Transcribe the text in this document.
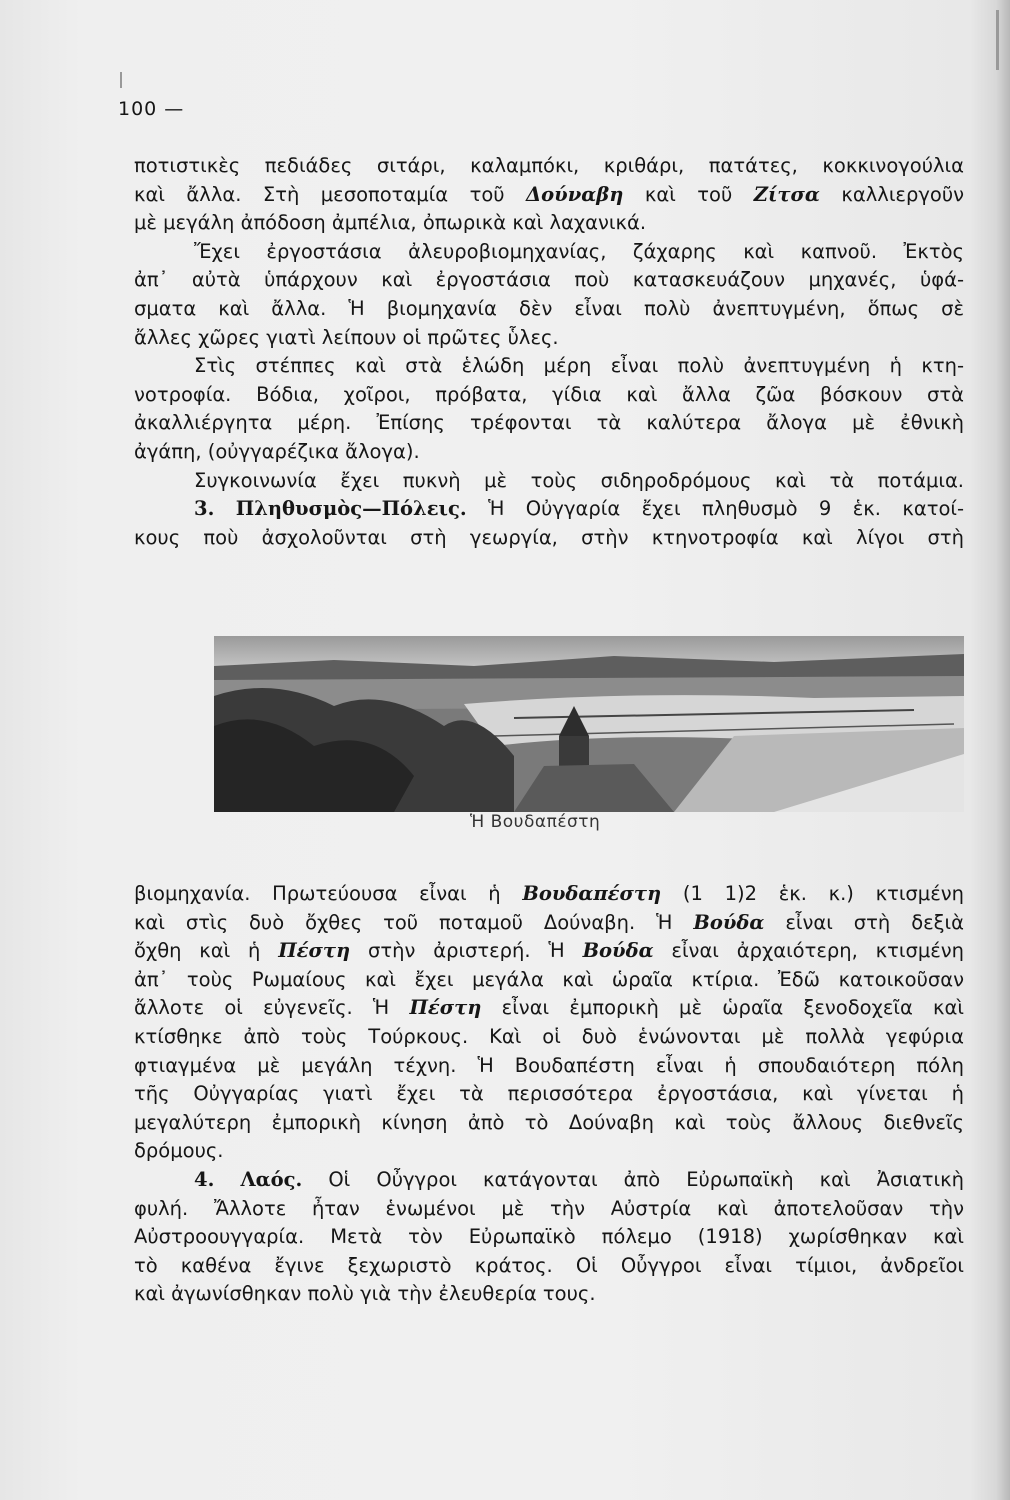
100 —
ποτιστικὲς πεδιάδες σιτάρι, καλαμπόκι, κριθάρι, πατάτες, κοκκινογούλια
καὶ ἄλλα. Στὴ μεσοποταμία τοῦ Δούναβη καὶ τοῦ Ζίτσα καλλιεργοῦν
μὲ μεγάλη ἀπόδοση ἀμπέλια, ὀπωρικὰ καὶ λαχανικά.
Ἔχει ἐργοστάσια ἀλευροβιομηχανίας, ζάχαρης καὶ καπνοῦ. Ἐκτὸς
ἀπ᾽ αὐτὰ ὑπάρχουν καὶ ἐργοστάσια ποὺ κατασκευάζουν μηχανές, ὑφά-
σματα καὶ ἄλλα. Ἡ βιομηχανία δὲν εἶναι πολὺ ἀνεπτυγμένη, ὅπως σὲ
ἄλλες χῶρες γιατὶ λείπουν οἱ πρῶτες ὗλες.
Στὶς στέππες καὶ στὰ ἑλώδη μέρη εἶναι πολὺ ἀνεπτυγμένη ἡ κτη-
νοτροφία. Βόδια, χοῖροι, πρόβατα, γίδια καὶ ἄλλα ζῶα βόσκουν στὰ
ἀκαλλιέργητα μέρη. Ἐπίσης τρέφονται τὰ καλύτερα ἄλογα μὲ ἐθνικὴ
ἀγάπη, (οὐγγαρέζικα ἄλογα).
Συγκοινωνία ἔχει πυκνὴ μὲ τοὺς σιδηροδρόμους καὶ τὰ ποτάμια.
3. Πληθυσμὸς—Πόλεις. Ἡ Οὐγγαρία ἔχει πληθυσμὸ 9 ἑκ. κατοί-
κους ποὺ ἀσχολοῦνται στὴ γεωργία, στὴν κτηνοτροφία καὶ λίγοι στὴ
Ἡ Βουδαπέστη
βιομηχανία. Πρωτεύουσα εἶναι ἡ Βουδαπέστη (1 1)2 ἑκ. κ.) κτισμένη
καὶ στὶς δυὸ ὄχθες τοῦ ποταμοῦ Δούναβη. Ἡ Βούδα εἶναι στὴ δεξιὰ
ὄχθη καὶ ἡ Πέστη στὴν ἀριστερή. Ἡ Βούδα εἶναι ἀρχαιότερη, κτισμένη
ἀπ᾽ τοὺς Ρωμαίους καὶ ἔχει μεγάλα καὶ ὡραῖα κτίρια. Ἐδῶ κατοικοῦσαν
ἄλλοτε οἱ εὐγενεῖς. Ἡ Πέστη εἶναι ἐμπορικὴ μὲ ὡραῖα ξενοδοχεῖα καὶ
κτίσθηκε ἀπὸ τοὺς Τούρκους. Καὶ οἱ δυὸ ἑνώνονται μὲ πολλὰ γεφύρια
φτιαγμένα μὲ μεγάλη τέχνη. Ἡ Βουδαπέστη εἶναι ἡ σπουδαιότερη πόλη
τῆς Οὐγγαρίας γιατὶ ἔχει τὰ περισσότερα ἐργοστάσια, καὶ γίνεται ἡ
μεγαλύτερη ἐμπορικὴ κίνηση ἀπὸ τὸ Δούναβη καὶ τοὺς ἄλλους διεθνεῖς
δρόμους.
4. Λαός. Οἱ Οὖγγροι κατάγονται ἀπὸ Εὐρωπαϊκὴ καὶ Ἀσιατικὴ
φυλή. Ἄλλοτε ἦταν ἑνωμένοι μὲ τὴν Αὐστρία καὶ ἀποτελοῦσαν τὴν
Αὐστροουγγαρία. Μετὰ τὸν Εὐρωπαϊκὸ πόλεμο (1918) χωρίσθηκαν καὶ
τὸ καθένα ἔγινε ξεχωριστὸ κράτος. Οἱ Οὖγγροι εἶναι τίμιοι, ἀνδρεῖοι
καὶ ἀγωνίσθηκαν πολὺ γιὰ τὴν ἐλευθερία τους.
